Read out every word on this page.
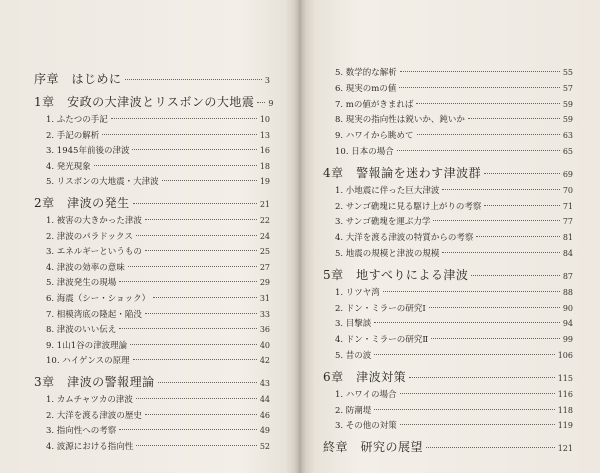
序章　はじめに	3
1章　安政の大津波とリスボンの大地震 9
1. ふたつの手記	10
2. 手記の解析	13
3. 1945年前後の津波	16
4. 発光現象	18
5. リスボンの大地震・大津波	19
2章　津波の発生	21
1. 被害の大きかった津波	22
2. 津波のパラドックス	24
3. エネルギーというもの	25
4. 津波の効率の意味	27
5. 津波発生の現場	29
6. 海震（シー・ショック）	31
7. 相模湾底の隆起・陥没	33
8. 津波のいい伝え	36
9. 1山1谷の津波理論	40
10. ハイゲンスの原理	42
3章　津波の警報理論	43
1. カムチャツカの津波	44
2. 大洋を渡る津波の歴史	46
3. 指向性への考察	49
4. 波源における指向性	52
5. 数学的な解析	55
6. 現実のmの値	57
7. mの値がきまれば	59
8. 現実の指向性は鋭いか、鈍いか	59
9. ハワイから眺めて	63
10. 日本の場合	65
4章　警報論を迷わす津波群	69
1. 小地震に伴った巨大津波	70
2. サンゴ礁塊に見る駆け上がりの考察	71
3. サンゴ礁塊を運ぶ力学	77
4. 大洋を渡る津波の特質からの考察	81
5. 地震の規模と津波の規模	84
5章　地すべりによる津波	87
1. リツヤ湾	88
2. ドン・ミラーの研究Ⅰ	90
3. 目撃談	94
4. ドン・ミラーの研究Ⅱ	99
5. 昔の波	106
6章　津波対策	115
1. ハワイの場合	116
2. 防潮堤	118
3. その他の対策	119
終章　研究の展望	121
